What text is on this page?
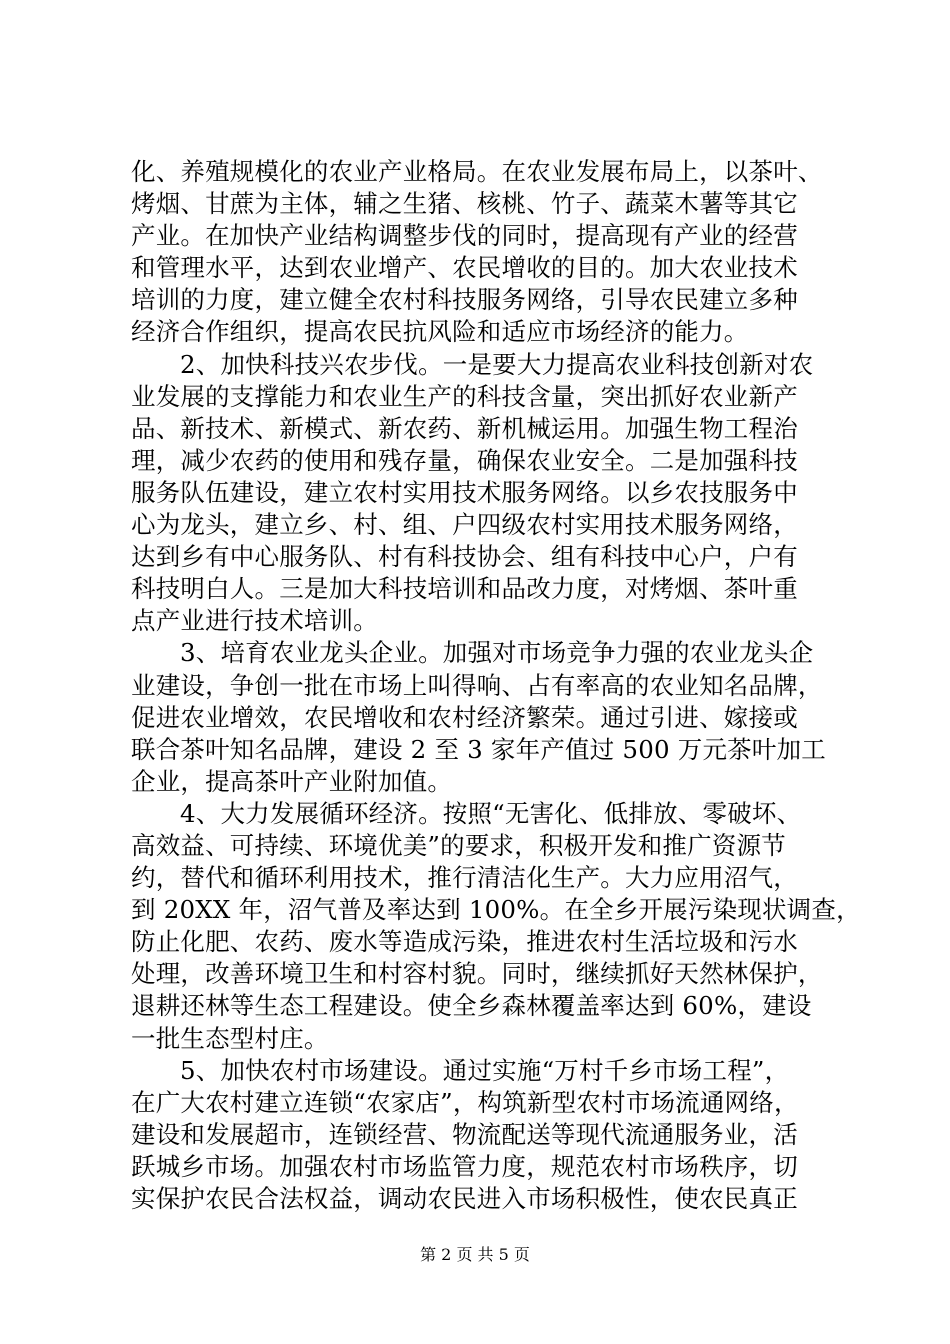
化、养殖规模化的农业产业格局。在农业发展布局上，以茶叶、
烤烟、甘蔗为主体，辅之生猪、核桃、竹子、蔬菜木薯等其它
产业。在加快产业结构调整步伐的同时，提高现有产业的经营
和管理水平，达到农业增产、农民增收的目的。加大农业技术
培训的力度，建立健全农村科技服务网络，引导农民建立多种
经济合作组织，提高农民抗风险和适应市场经济的能力。
2、加快科技兴农步伐。一是要大力提高农业科技创新对农
业发展的支撑能力和农业生产的科技含量，突出抓好农业新产
品、新技术、新模式、新农药、新机械运用。加强生物工程治
理，减少农药的使用和残存量，确保农业安全。二是加强科技
服务队伍建设，建立农村实用技术服务网络。以乡农技服务中
心为龙头，建立乡、村、组、户四级农村实用技术服务网络，
达到乡有中心服务队、村有科技协会、组有科技中心户，户有
科技明白人。三是加大科技培训和品改力度，对烤烟、茶叶重
点产业进行技术培训。
3、培育农业龙头企业。加强对市场竞争力强的农业龙头企
业建设，争创一批在市场上叫得响、占有率高的农业知名品牌，
促进农业增效，农民增收和农村经济繁荣。通过引进、嫁接或
联合茶叶知名品牌，建设 2 至 3 家年产值过 500 万元茶叶加工
企业，提高茶叶产业附加值。
4、大力发展循环经济。按照“无害化、低排放、零破坏、
高效益、可持续、环境优美”的要求，积极开发和推广资源节
约，替代和循环利用技术，推行清洁化生产。大力应用沼气，
到 20XX 年，沼气普及率达到 100%。在全乡开展污染现状调查，
防止化肥、农药、废水等造成污染，推进农村生活垃圾和污水
处理，改善环境卫生和村容村貌。同时，继续抓好天然林保护，
退耕还林等生态工程建设。使全乡森林覆盖率达到 60%，建设
一批生态型村庄。
5、加快农村市场建设。通过实施“万村千乡市场工程”，
在广大农村建立连锁“农家店”，构筑新型农村市场流通网络，
建设和发展超市，连锁经营、物流配送等现代流通服务业，活
跃城乡市场。加强农村市场监管力度，规范农村市场秩序，切
实保护农民合法权益，调动农民进入市场积极性，使农民真正
第 2 页 共 5 页
